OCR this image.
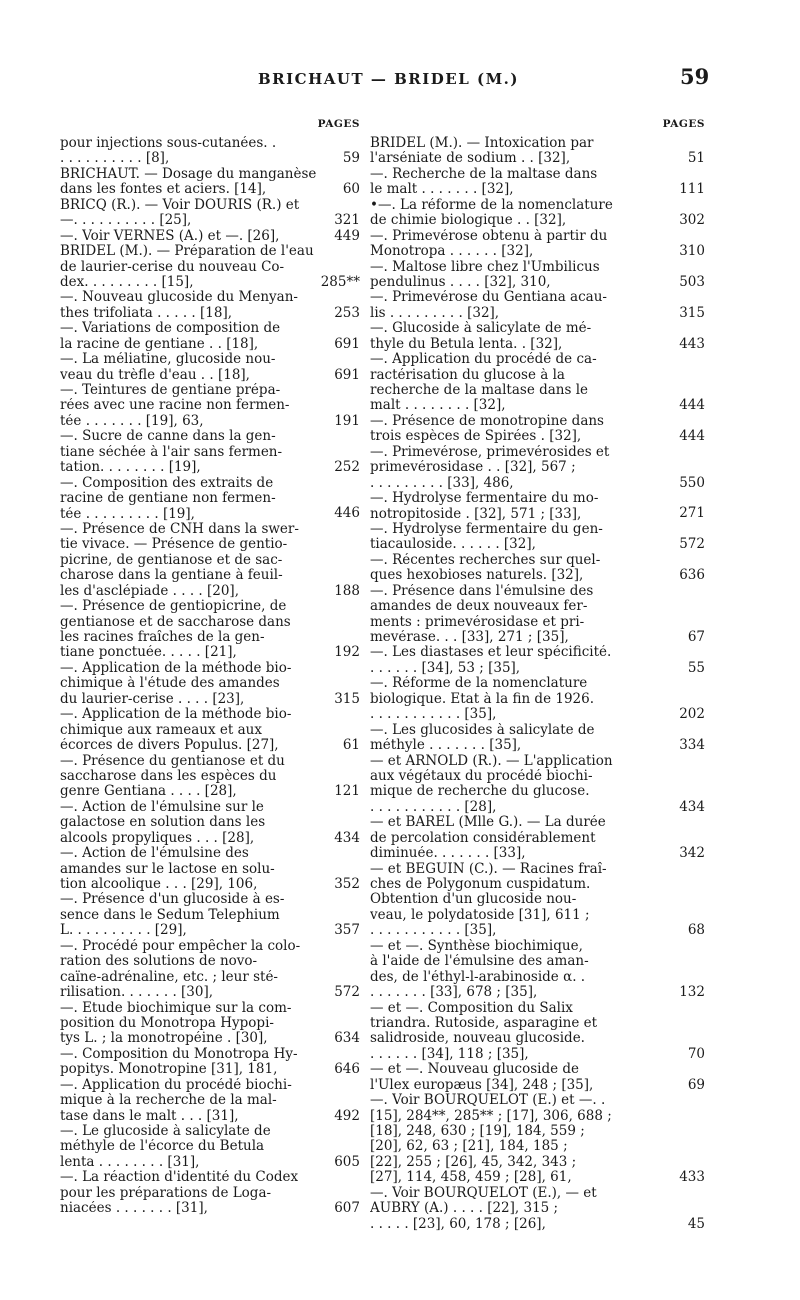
BRICHAUT — BRIDEL (M.)	59
PAGES
pour injections sous-cutanées. .
. . . . . . . . . . [8],	59
BRICHAUT. — Dosage du manganèse
dans les fontes et aciers. [14],	60
BRICQ (R.). — Voir DOURIS (R.) et
—. . . . . . . . . . [25],	321
—. Voir VERNES (A.) et —. [26],	449
BRIDEL (M.). — Préparation de l'eau
de laurier-cerise du nouveau Co-
dex. . . . . . . . . [15],	285**
—. Nouveau glucoside du Menyan-
thes trifoliata . . . . . [18],	253
—. Variations de composition de
la racine de gentiane . . [18],	691
—. La méliatine, glucoside nou-
veau du trèfle d'eau . . [18],	691
—. Teintures de gentiane prépa-
rées avec une racine non fermen-
tée . . . . . . . [19], 63,	191
—. Sucre de canne dans la gen-
tiane séchée à l'air sans fermen-
tation. . . . . . . . [19],	252
—. Composition des extraits de
racine de gentiane non fermen-
tée . . . . . . . . . [19],	446
—. Présence de CNH dans la swer-
tie vivace. — Présence de gentio-
picrine, de gentianose et de sac-
charose dans la gentiane à feuil-
les d'asclépiade . . . . [20],	188
—. Présence de gentiopicrine, de
gentianose et de saccharose dans
les racines fraîches de la gen-
tiane ponctuée. . . . . [21],	192
—. Application de la méthode bio-
chimique à l'étude des amandes
du laurier-cerise . . . . [23],	315
—. Application de la méthode bio-
chimique aux rameaux et aux
écorces de divers Populus. [27],	61
—. Présence du gentianose et du
saccharose dans les espèces du
genre Gentiana . . . . [28],	121
—. Action de l'émulsine sur le
galactose en solution dans les
alcools propyliques . . . [28],	434
—. Action de l'émulsine des
amandes sur le lactose en solu-
tion alcoolique . . . [29], 106,	352
—. Présence d'un glucoside à es-
sence dans le Sedum Telephium
L. . . . . . . . . . [29],	357
—. Procédé pour empêcher la colo-
ration des solutions de novo-
caïne-adrénaline, etc. ; leur sté-
rilisation. . . . . . . [30],	572
—. Étude biochimique sur la com-
position du Monotropa Hypopi-
tys L. ; la monotropéine . [30],	634
—. Composition du Monotropa Hy-
popitys. Monotropine [31], 181,	646
—. Application du procédé biochi-
mique à la recherche de la mal-
tase dans le malt . . . [31],	492
—. Le glucoside à salicylate de
méthyle de l'écorce du Betula
lenta . . . . . . . . [31],	605
—. La réaction d'identité du Codex
pour les préparations de Loga-
niacées . . . . . . . [31],	607
PAGES
BRIDEL (M.). — Intoxication par
l'arséniate de sodium . . [32],	51
—. Recherche de la maltase dans
le malt . . . . . . . [32],	111
•—. La réforme de la nomenclature
de chimie biologique . . [32],	302
—. Primevérose obtenu à partir du
Monotropa . . . . . . [32],	310
—. Maltose libre chez l'Umbilicus
pendulinus . . . . [32], 310,	503
—. Primevérose du Gentiana acau-
lis . . . . . . . . . [32],	315
—. Glucoside à salicylate de mé-
thyle du Betula lenta. . [32],	443
—. Application du procédé de ca-
ractérisation du glucose à la
recherche de la maltase dans le
malt . . . . . . . . [32],	444
—. Présence de monotropine dans
trois espèces de Spirées . [32],	444
—. Primevérose, primevérosides et
primevérosidase . . [32], 567 ;
. . . . . . . . . [33], 486,	550
—. Hydrolyse fermentaire du mo-
notropitoside . [32], 571 ; [33],	271
—. Hydrolyse fermentaire du gen-
tiacauloside. . . . . . [32],	572
—. Récentes recherches sur quel-
ques hexobioses naturels. [32],	636
—. Présence dans l'émulsine des
amandes de deux nouveaux fer-
ments : primevérosidase et pri-
mevérase. . . [33], 271 ; [35],	67
—. Les diastases et leur spécificité.
. . . . . . [34], 53 ; [35],	55
—. Réforme de la nomenclature
biologique. État à la fin de 1926.
. . . . . . . . . . . [35],	202
—. Les glucosides à salicylate de
méthyle . . . . . . . [35],	334
— et ARNOLD (R.). — L'application
aux végétaux du procédé biochi-
mique de recherche du glucose.
. . . . . . . . . . . [28],	434
— et BAREL (Mlle G.). — La durée
de percolation considérablement
diminuée. . . . . . . [33],	342
— et BÉGUIN (C.). — Racines fraî-
ches de Polygonum cuspidatum.
Obtention d'un glucoside nou-
veau, le polydatoside [31], 611 ;
. . . . . . . . . . . [35],	68
— et —. Synthèse biochimique,
à l'aide de l'émulsine des aman-
des, de l'éthyl-l-arabinoside α. .
. . . . . . . [33], 678 ; [35],	132
— et —. Composition du Salix
triandra. Rutoside, asparagine et
salidroside, nouveau glucoside.
. . . . . . [34], 118 ; [35],	70
— et —. Nouveau glucoside de
l'Ulex europæus [34], 248 ; [35],	69
—. Voir BOURQUELOT (E.) et —. .
[15], 284**, 285** ; [17], 306, 688 ;
[18], 248, 630 ; [19], 184, 559 ;
[20], 62, 63 ; [21], 184, 185 ;
[22], 255 ; [26], 45, 342, 343 ;
[27], 114, 458, 459 ; [28], 61,	433
—. Voir BOURQUELOT (E.), — et
AUBRY (A.) . . . . [22], 315 ;
. . . . . [23], 60, 178 ; [26],	45
